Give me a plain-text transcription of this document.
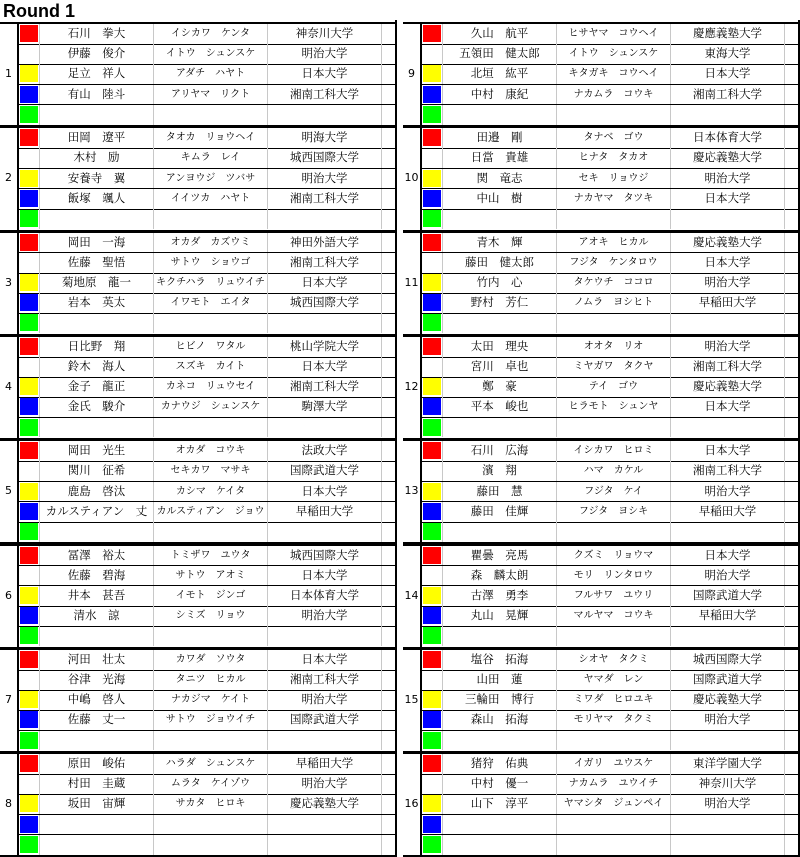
Round 1
1
石川　拳大	イシカワ　ケンタ	神奈川大学
伊藤　俊介	イトウ　シュンスケ	明治大学
足立　祥人	アダチ　ハヤト	日本大学
有山　陸斗	アリヤマ　リクト	湘南工科大学
2
田岡　遼平	タオカ　リョウヘイ	明海大学
木村　励	キムラ　レイ	城西国際大学
安養寺　翼	アンヨウジ　ツバサ	明治大学
飯塚　颯人	イイツカ　ハヤト	湘南工科大学
3
岡田　一海	オカダ　カズウミ	神田外語大学
佐藤　聖悟	サトウ　ショウゴ	湘南工科大学
菊地原　龍一	キクチハラ　リュウイチ	日本大学
岩本　英太	イワモト　エイタ	城西国際大学
4
日比野　翔	ヒビノ　ワタル	桃山学院大学
鈴木　海人	スズキ　カイト	日本大学
金子　龍正	カネコ　リュウセイ	湘南工科大学
金氏　駿介	カナウジ　シュンスケ	駒澤大学
5
岡田　光生	オカダ　コウキ	法政大学
関川　征希	セキカワ　マサキ	国際武道大学
鹿島　啓汰	カシマ　ケイタ	日本大学
カルスティアン　丈 カルスティアン　ジョウ	早稲田大学
6
冨澤　裕太	トミザワ　ユウタ	城西国際大学
佐藤　碧海	サトウ　アオミ	日本大学
井本　甚吾	イモト　ジンゴ	日本体育大学
清水　諒	シミズ　リョウ	明治大学
7
河田　壮太	カワダ　ソウタ	日本大学
谷津　光海	タニツ　ヒカル	湘南工科大学
中嶋　啓人	ナカジマ　ケイト	明治大学
佐藤　丈一	サトウ　ジョウイチ	国際武道大学
8
原田　峻佑	ハラダ　シュンスケ	早稲田大学
村田　圭蔵	ムラタ　ケイゾウ	明治大学
坂田　宙輝	サカタ　ヒロキ	慶応義塾大学
9
久山　航平	ヒサヤマ　コウヘイ	慶應義塾大学
五領田　健太郎	イトウ　シュンスケ	東海大学
北垣　紘平	キタガキ　コウヘイ	日本大学
中村　康紀	ナカムラ　コウキ	湘南工科大学
10
田邉　剛	タナベ　ゴウ	日本体育大学
日當　貴雄	ヒナタ　タカオ	慶応義塾大学
関　竜志	セキ　リョウジ	明治大学
中山　樹	ナカヤマ　タツキ	日本大学
11
青木　輝	アオキ　ヒカル	慶応義塾大学
藤田　健太郎	フジタ　ケンタロウ	日本大学
竹内　心	タケウチ　ココロ	明治大学
野村　芳仁	ノムラ　ヨシヒト	早稲田大学
12
太田　理央	オオタ　リオ	明治大学
宮川　卓也	ミヤガワ　タクヤ	湘南工科大学
鄭　豪	テイ　ゴウ	慶応義塾大学
平本　峻也	ヒラモト　シュンヤ	日本大学
13
石川　広海	イシカワ　ヒロミ	日本大学
濱　翔	ハマ　カケル	湘南工科大学
藤田　慧	フジタ　ケイ	明治大学
藤田　佳輝	フジタ　ヨシキ	早稲田大学
14
瞿曇　亮馬	クズミ　リョウマ	日本大学
森　麟太朗	モリ　リンタロウ	明治大学
古澤　勇李	フルサワ　ユウリ	国際武道大学
丸山　晃輝	マルヤマ　コウキ	早稲田大学
15
塩谷　拓海	シオヤ　タクミ	城西国際大学
山田　蓮	ヤマダ　レン	国際武道大学
三輪田　博行	ミワダ　ヒロユキ	慶応義塾大学
森山　拓海	モリヤマ　タクミ	明治大学
16
猪狩　佑典	イガリ　ユウスケ	東洋学園大学
中村　優一	ナカムラ　ユウイチ	神奈川大学
山下　淳平	ヤマシタ　ジュンペイ	明治大学
